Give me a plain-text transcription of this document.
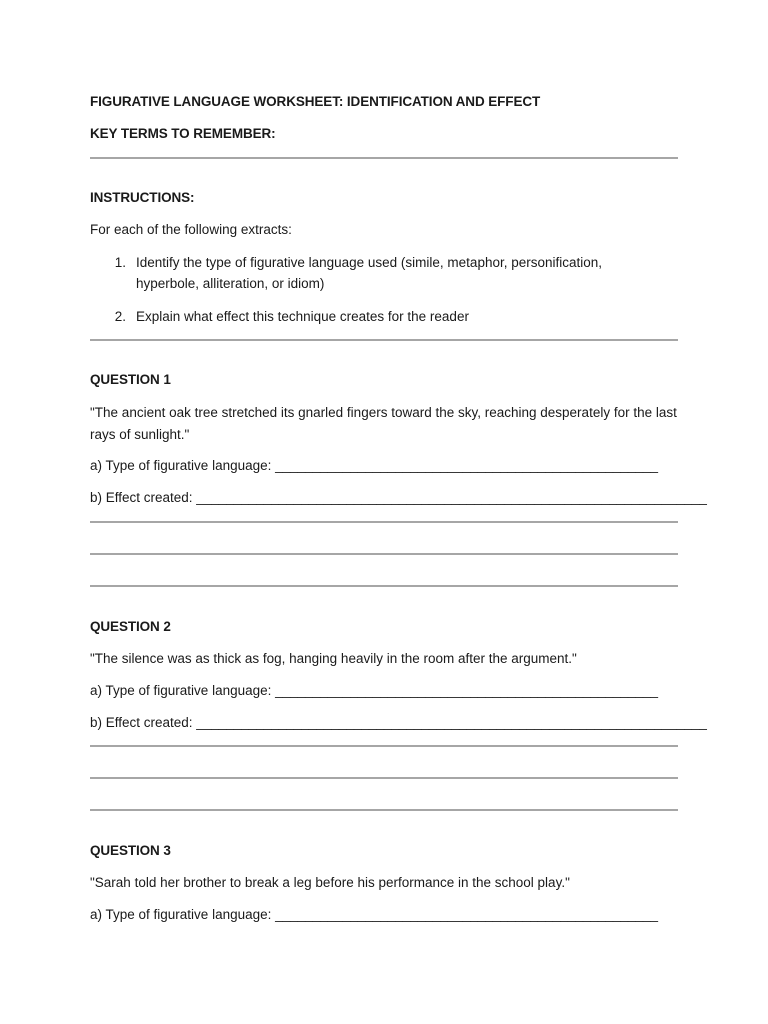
FIGURATIVE LANGUAGE WORKSHEET: IDENTIFICATION AND EFFECT
KEY TERMS TO REMEMBER:
INSTRUCTIONS:
For each of the following extracts:
1. Identify the type of figurative language used (simile, metaphor, personification, hyperbole, alliteration, or idiom)
2. Explain what effect this technique creates for the reader
QUESTION 1
"The ancient oak tree stretched its gnarled fingers toward the sky, reaching desperately for the last rays of sunlight."
a) Type of figurative language: ___________________________________________________
b) Effect created: ____________________________________________________________________
QUESTION 2
"The silence was as thick as fog, hanging heavily in the room after the argument."
a) Type of figurative language: ___________________________________________________
b) Effect created: ____________________________________________________________________
QUESTION 3
"Sarah told her brother to break a leg before his performance in the school play."
a) Type of figurative language: ___________________________________________________
